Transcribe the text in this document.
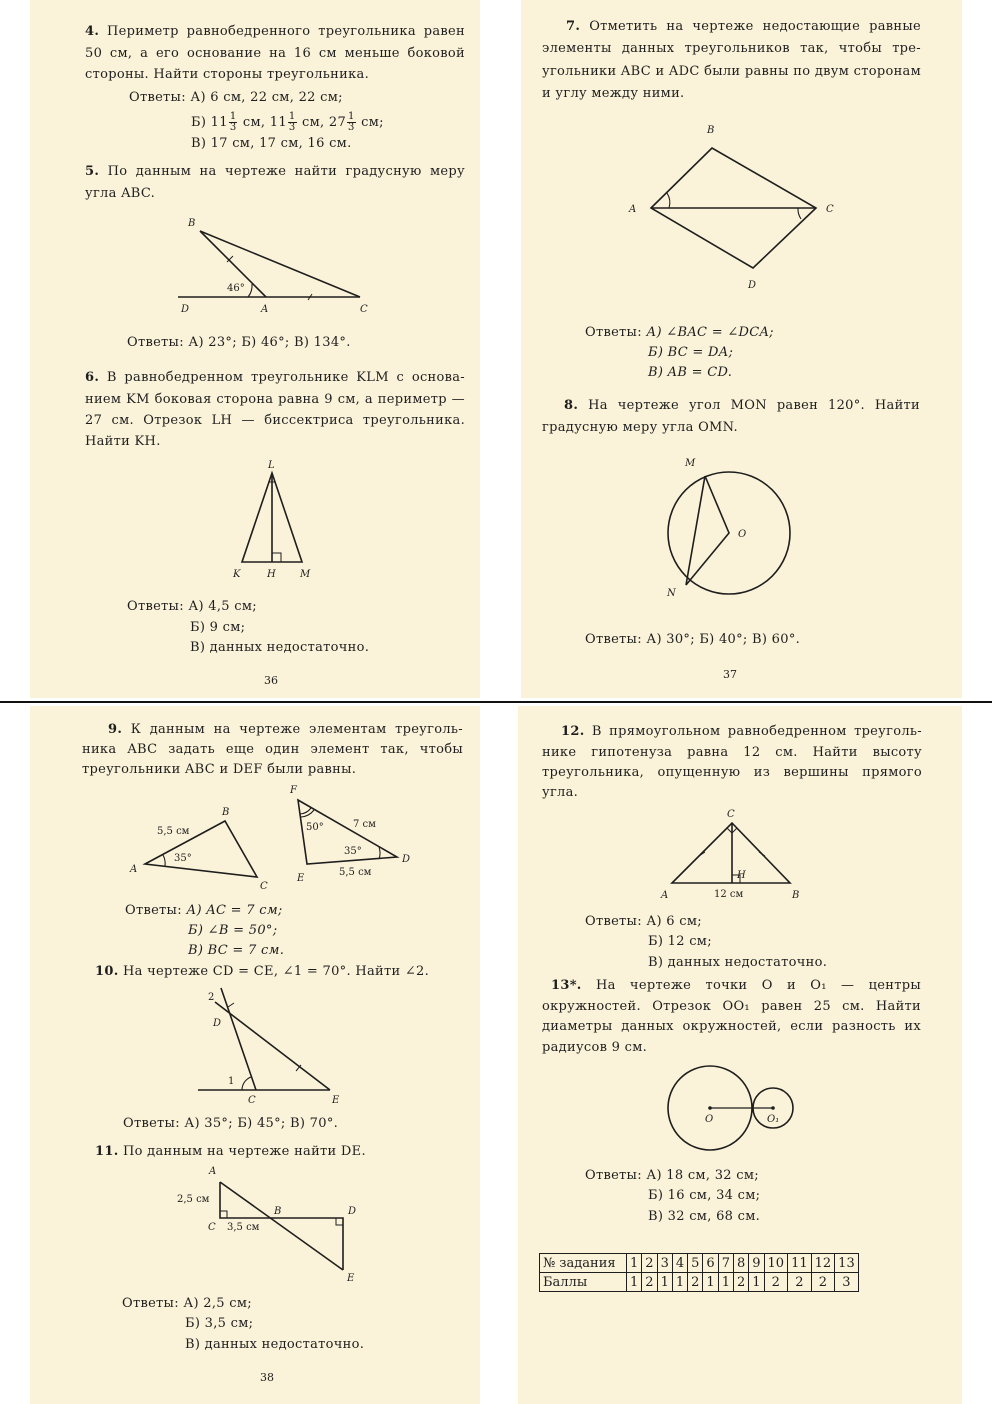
4. Периметр равнобедренного треугольника равен
50 см, а его основание на 16 см меньше боковой
стороны. Найти стороны треугольника.
Ответы: А) 6 см, 22 см, 22 см;
Б) $11 \frac{1}{3}$ см, $11 \frac{1}{3}$ см, $27 \frac{1}{3}$ см;
В) 17 см, 17 см, 16 см.
5. По данным на чертеже найти градусную меру
угла ABC.
B
D	A	C
46°
Ответы: А) 23°; Б) 46°; В) 134°.
6. В равнобедренном треугольнике KLM с основа-
нием KM боковая сторона равна 9 см, а периметр —
27 см. Отрезок LH — биссектриса треугольника.
Найти KH.
L
K	H M
Ответы: А) 4,5 см;
Б) 9 см;
В) данных недостаточно.
36
7. Отметить на чертеже недостающие равные
элементы данных треугольников так, чтобы тре-
угольники ABC и ADC были равны по двум сторонам
и углу между ними.
B
A	C
D
Ответы: А) ∠BAC = ∠DCA;
Б) BC = DA;
В) AB = CD.
8. На чертеже угол MON равен 120°. Найти
градусную меру угла OMN.
M
O
N
Ответы: А) 30°; Б) 40°; В) 60°.
37
9. К данным на чертеже элементам треуголь-
ника ABC задать еще один элемент так, чтобы
треугольники ABC и DEF были равны.
A
B
C
5,5 см
35°
F
D
E
50°	7 см
35°
5,5 см
Ответы: А) AC = 7 см;
Б) ∠B = 50°;
В) BC = 7 см.
10. На чертеже CD = CE, ∠1 = 70°. Найти ∠2.
2
D
1
C	E
Ответы: А) 35°; Б) 45°; В) 70°.
11. По данным на чертеже найти DE.
A
2,5 см
C 3,5 см
B	D
E
Ответы: А) 2,5 см;
Б) 3,5 см;
В) данных недостаточно.
38
12. В прямоугольном равнобедренном треуголь-
нике гипотенуза равна 12 см. Найти высоту
треугольника, опущенную из вершины прямого
угла.
C
A
H
12 см	B
Ответы: А) 6 см;
Б) 12 см;
В) данных недостаточно.
13*. На чертеже точки O и O₁ — центры
окружностей. Отрезок OO₁ равен 25 см. Найти
диаметры данных окружностей, если разность их
радиусов 9 см.
O	O₁
Ответы: А) 18 см, 32 см;
Б) 16 см, 34 см;
В) 32 см, 68 см.
№ задания	1	2	3	4	5	6	7	8	9	10	11	12	13
Баллы	1	2	1	1	2	1	1	2	1	2	2	2	3
